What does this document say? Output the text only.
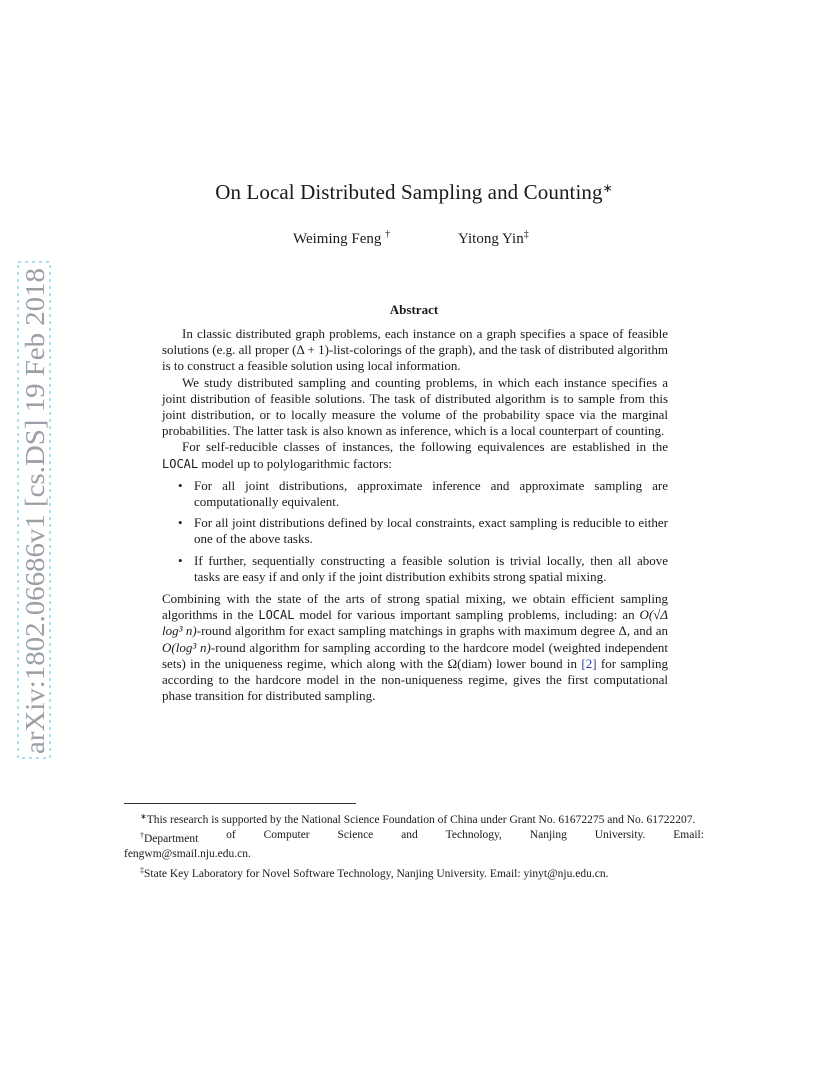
arXiv:1802.06686v1 [cs.DS] 19 Feb 2018
On Local Distributed Sampling and Counting∗
Weiming Feng †	Yitong Yin‡
Abstract

In classic distributed graph problems, each instance on a graph specifies a space of feasible solutions (e.g. all proper (Δ + 1)-list-colorings of the graph), and the task of distributed algorithm is to construct a feasible solution using local information.

We study distributed sampling and counting problems, in which each instance specifies a joint distribution of feasible solutions. The task of distributed algorithm is to sample from this joint distribution, or to locally measure the volume of the probability space via the marginal probabilities. The latter task is also known as inference, which is a local counterpart of counting.

For self-reducible classes of instances, the following equivalences are established in the LOCAL model up to polylogarithmic factors:

• For all joint distributions, approximate inference and approximate sampling are computationally equivalent.
• For all joint distributions defined by local constraints, exact sampling is reducible to either one of the above tasks.
• If further, sequentially constructing a feasible solution is trivial locally, then all above tasks are easy if and only if the joint distribution exhibits strong spatial mixing.

Combining with the state of the arts of strong spatial mixing, we obtain efficient sampling algorithms in the LOCAL model for various important sampling problems, including: an O(√Δ log³ n)-round algorithm for exact sampling matchings in graphs with maximum degree Δ, and an O(log³ n)-round algorithm for sampling according to the hardcore model (weighted independent sets) in the uniqueness regime, which along with the Ω(diam) lower bound in [2] for sampling according to the hardcore model in the non-uniqueness regime, gives the first computational phase transition for distributed sampling.

∗This research is supported by the National Science Foundation of China under Grant No. 61672275 and No. 61722207.

†Department of Computer Science and Technology, Nanjing University. Email:

fengwm@smail.nju.edu.cn.

‡State Key Laboratory for Novel Software Technology, Nanjing University. Email: yinyt@nju.edu.cn.
